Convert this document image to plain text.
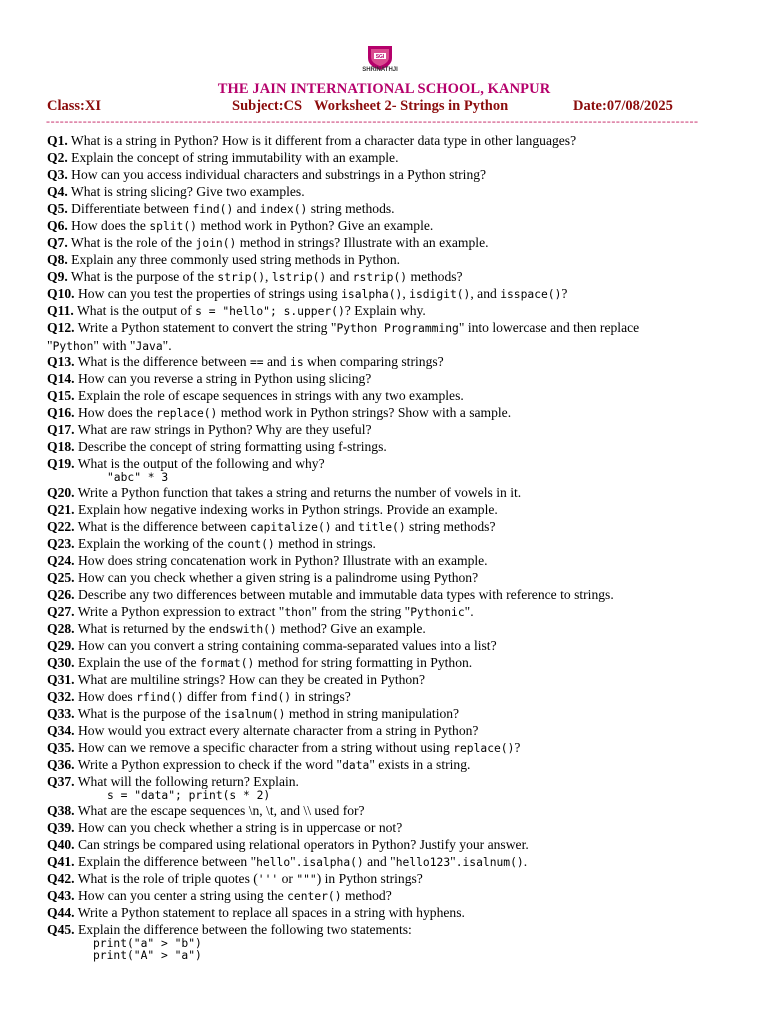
SGI
SHRINATHJI
THE JAIN INTERNATIONAL SCHOOL, KANPUR
Class:XI	Subject:CS Worksheet 2- Strings in Python	Date:07/08/2025
----------------------------------------------------------------------------------------------------------------------------------------------
Q1. What is a string in Python? How is it different from a character data type in other languages?
Q2. Explain the concept of string immutability with an example.
Q3. How can you access individual characters and substrings in a Python string?
Q4. What is string slicing? Give two examples.
Q5. Differentiate between find() and index() string methods.
Q6. How does the split() method work in Python? Give an example.
Q7. What is the role of the join() method in strings? Illustrate with an example.
Q8. Explain any three commonly used string methods in Python.
Q9. What is the purpose of the strip(), lstrip() and rstrip() methods?
Q10. How can you test the properties of strings using isalpha(), isdigit(), and isspace()?
Q11. What is the output of s = "hello"; s.upper()? Explain why.
Q12. Write a Python statement to convert the string "Python Programming" into lowercase and then replace "Python" with "Java".
Q13. What is the difference between == and is when comparing strings?
Q14. How can you reverse a string in Python using slicing?
Q15. Explain the role of escape sequences in strings with any two examples.
Q16. How does the replace() method work in Python strings? Show with a sample.
Q17. What are raw strings in Python? Why are they useful?
Q18. Describe the concept of string formatting using f-strings.
Q19. What is the output of the following and why?
"abc" * 3
Q20. Write a Python function that takes a string and returns the number of vowels in it.
Q21. Explain how negative indexing works in Python strings. Provide an example.
Q22. What is the difference between capitalize() and title() string methods?
Q23. Explain the working of the count() method in strings.
Q24. How does string concatenation work in Python? Illustrate with an example.
Q25. How can you check whether a given string is a palindrome using Python?
Q26. Describe any two differences between mutable and immutable data types with reference to strings.
Q27. Write a Python expression to extract "thon" from the string "Pythonic".
Q28. What is returned by the endswith() method? Give an example.
Q29. How can you convert a string containing comma-separated values into a list?
Q30. Explain the use of the format() method for string formatting in Python.
Q31. What are multiline strings? How can they be created in Python?
Q32. How does rfind() differ from find() in strings?
Q33. What is the purpose of the isalnum() method in string manipulation?
Q34. How would you extract every alternate character from a string in Python?
Q35. How can we remove a specific character from a string without using replace()?
Q36. Write a Python expression to check if the word "data" exists in a string.
Q37. What will the following return? Explain.
s = "data"; print(s * 2)
Q38. What are the escape sequences \n, \t, and \\ used for?
Q39. How can you check whether a string is in uppercase or not?
Q40. Can strings be compared using relational operators in Python? Justify your answer.
Q41. Explain the difference between "hello".isalpha() and "hello123".isalnum().
Q42. What is the role of triple quotes (''' or """) in Python strings?
Q43. How can you center a string using the center() method?
Q44. Write a Python statement to replace all spaces in a string with hyphens.
Q45. Explain the difference between the following two statements:
print("a" > "b")
print("A" > "a")
